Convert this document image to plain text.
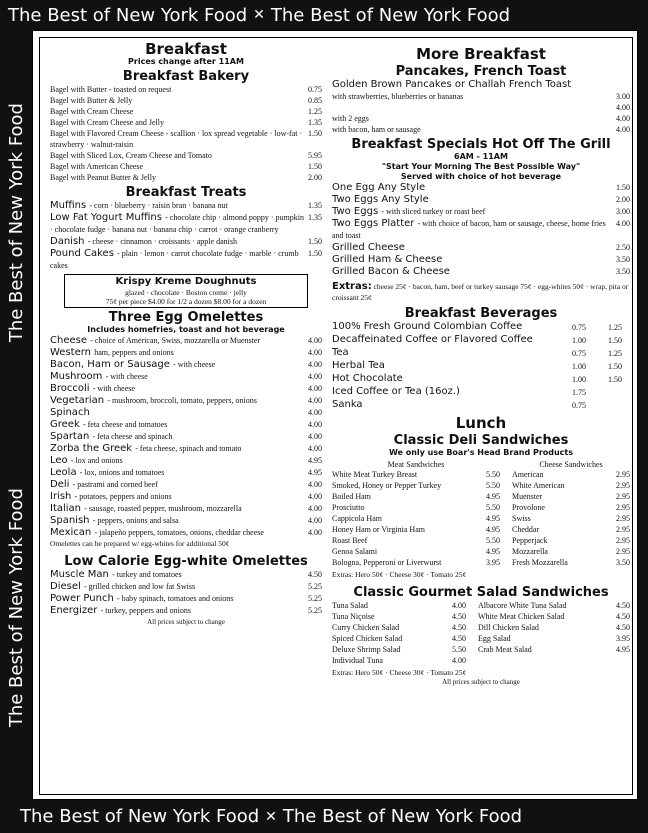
The Best of New York Food ✕ The Best of New York Food
The Best of New York Food
The Best of New York Food
Breakfast
Prices change after 11AM
Breakfast Bakery
Bagel with Butter - toasted on request	0.75
Bagel with Butter & Jelly	0.85
Bagel with Cream Cheese	1.25
Bagel with Cream Cheese and Jelly	1.35
Bagel with Flavored Cream Cheese - scallion · lox spread vegetable · low-fat · strawberry · walnut-raisin
1.50
Bagel with Sliced Lox, Cream Cheese and Tomato	5.95
Bagel with American Cheese	1.50
Bagel with Peanut Butter & Jelly	2.00
Breakfast Treats
Muffins - corn · blueberry · raisin bran · banana nut	1.35
Low Fat Yogurt Muffins - chocolate chip · almond poppy · pumpkin · chocolate fudge · banana nut · banana chip · carrot · orange cranberry
1.35
Danish - cheese · cinnamon · croissants · apple danish	1.50
Pound Cakes - plain · lemon · carrot chocolate fudge · marble · crumb cakes
1.50
Krispy Kreme Doughnuts
glazed · chocolate · Boston creme · jelly
75¢ per piece $4.00 for 1/2 a dozen $8.00 for a dozen
Three Egg Omelettes
Includes homefries, toast and hot beverage
Cheese - choice of American, Swiss, mozzarella or Muenster	4.00
Western ham, peppers and onions	4.00
Bacon, Ham or Sausage - with cheese	4.00
Mushroom - with cheese	4.00
Broccoli - with cheese	4.00
Vegetarian - mushroom, broccoli, tomato, peppers, onions	4.00
Spinach	4.00
Greek - feta cheese and tomatoes	4.00
Spartan - feta cheese and spinach	4.00
Zorba the Greek - feta cheese, spinach and tomato	4.00
Leo - lox and onions	4.95
Leola - lox, onions and tomatoes	4.95
Deli - pastrami and corned beef	4.00
Irish - potatoes, peppers and onions	4.00
Italian - sausage, roasted pepper, mushroom, mozzarella	4.00
Spanish - peppers, onions and salsa	4.00
Mexican - jalapeño peppers, tomatoes, onions, cheddar cheese	4.00
Omelettes can be prepared w/ egg-whites for additional 50¢
Low Calorie Egg-white Omelettes
Muscle Man - turkey and tomatoes	4.50
Diesel - grilled chicken and low fat Swiss	5.25
Power Punch - baby spinach, tomatoes and onions	5.25
Energizer - turkey, peppers and onions	5.25
All prices subject to change
More Breakfast
Pancakes, French Toast
Golden Brown Pancakes or Challah French Toast
with strawberries, blueberries or bananas	3.00
4.00
with 2 eggs	4.00
with bacon, ham or sausage	4.00
Breakfast Specials Hot Off The Grill
6AM - 11AM
"Start Your Morning The Best Possible Way"
Served with choice of hot beverage
One Egg Any Style	1.50
Two Eggs Any Style	2.00
Two Eggs - with sliced turkey or roast beef	3.00
Two Eggs Platter - with choice of bacon, ham or sausage, cheese, home fries and toast
4.00
Grilled Cheese	2.50
Grilled Ham & Cheese	3.50
Grilled Bacon & Cheese	3.50
Extras: cheese 25¢ · bacon, ham, beef or turkey sausage 75¢ · egg-whites 50¢ · wrap, pita or croissant 25¢
Breakfast Beverages
100% Fresh Ground Colombian Coffee	0.75	1.25
Decaffeinated Coffee or Flavored Coffee	1.00	1.50
Tea	0.75	1.25
Herbal Tea	1.00	1.50
Hot Chocolate	1.00	1.50
Iced Coffee or Tea (16oz.)	1.75
Sanka	0.75
Lunch
Classic Deli Sandwiches
We only use Boar's Head Brand Products
Meat Sandwiches
White Meat Turkey Breast	5.50
Smoked, Honey or Pepper Turkey	5.50
Boiled Ham	4.95
Prosciutto	5.50
Cappicola Ham	4.95
Honey Ham or Virginia Ham	4.95
Roast Beef	5.50
Genoa Salami	4.95
Bologna, Pepperoni or Liverwurst	3.95
Cheese Sandwiches
American	2.95
White American	2.95
Muenster	2.95
Provolone	2.95
Swiss	2.95
Cheddar	2.95
Pepperjack	2.95
Mozzarella	2.95
Fresh Mozzarella	3.50
Extras: Hero 50¢ · Cheese 30¢ · Tomato 25¢
Classic Gourmet Salad Sandwiches
Tuna Salad	4.00
Tuna Niçoise	4.50
Curry Chicken Salad	4.50
Spiced Chicken Salad	4.50
Deluxe Shrimp Salad	5.50
Individual Tuna	4.00
Albacore White Tuna Salad	4.50
White Meat Chicken Salad	4.50
Dill Chicken Salad	4.50
Egg Salad	3.95
Crab Meat Salad	4.95
Extras: Hero 50¢ · Cheese 30¢ · Tomato 25¢
All prices subject to change
The Best of New York Food ✕ The Best of New York Food
